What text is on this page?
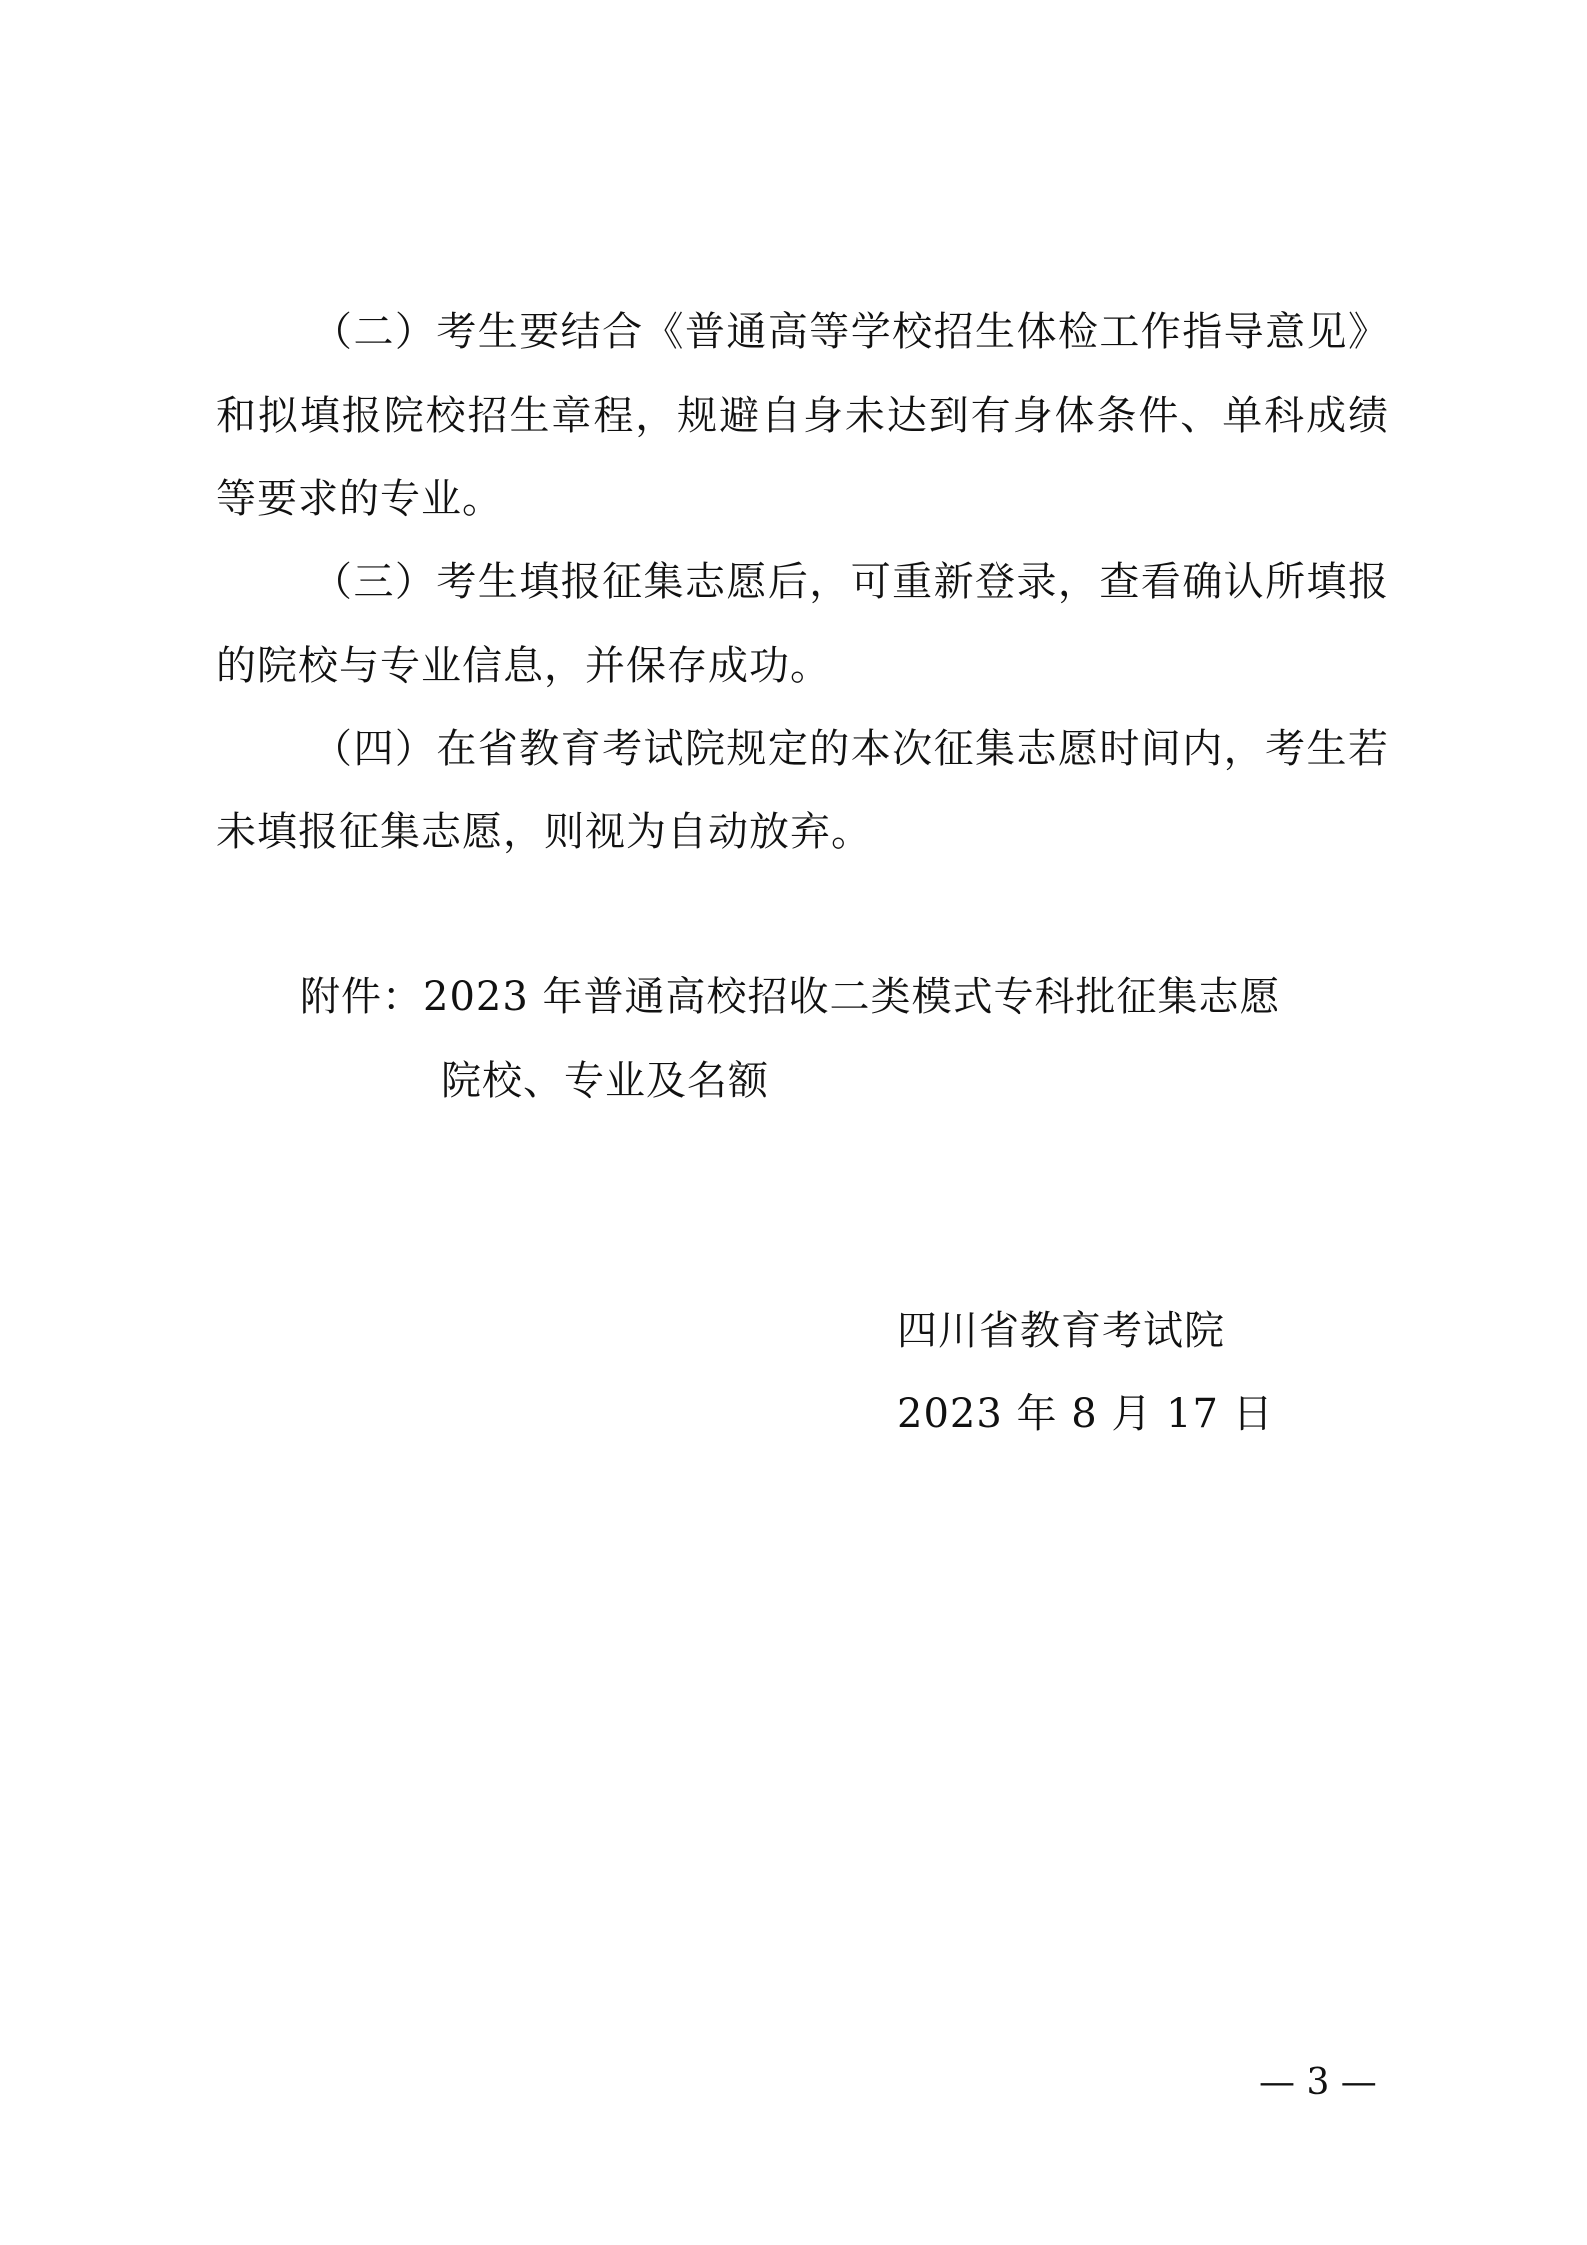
（二）考生要结合《普通高等学校招生体检工作指导意见》
和拟填报院校招生章程，规避自身未达到有身体条件、单科成绩
等要求的专业。
（三）考生填报征集志愿后，可重新登录，查看确认所填报
的院校与专业信息，并保存成功。
（四）在省教育考试院规定的本次征集志愿时间内，考生若
未填报征集志愿，则视为自动放弃。
附件：2023 年普通高校招收二类模式专科批征集志愿
院校、专业及名额
四川省教育考试院
2023 年 8 月 17 日
— 3 —
